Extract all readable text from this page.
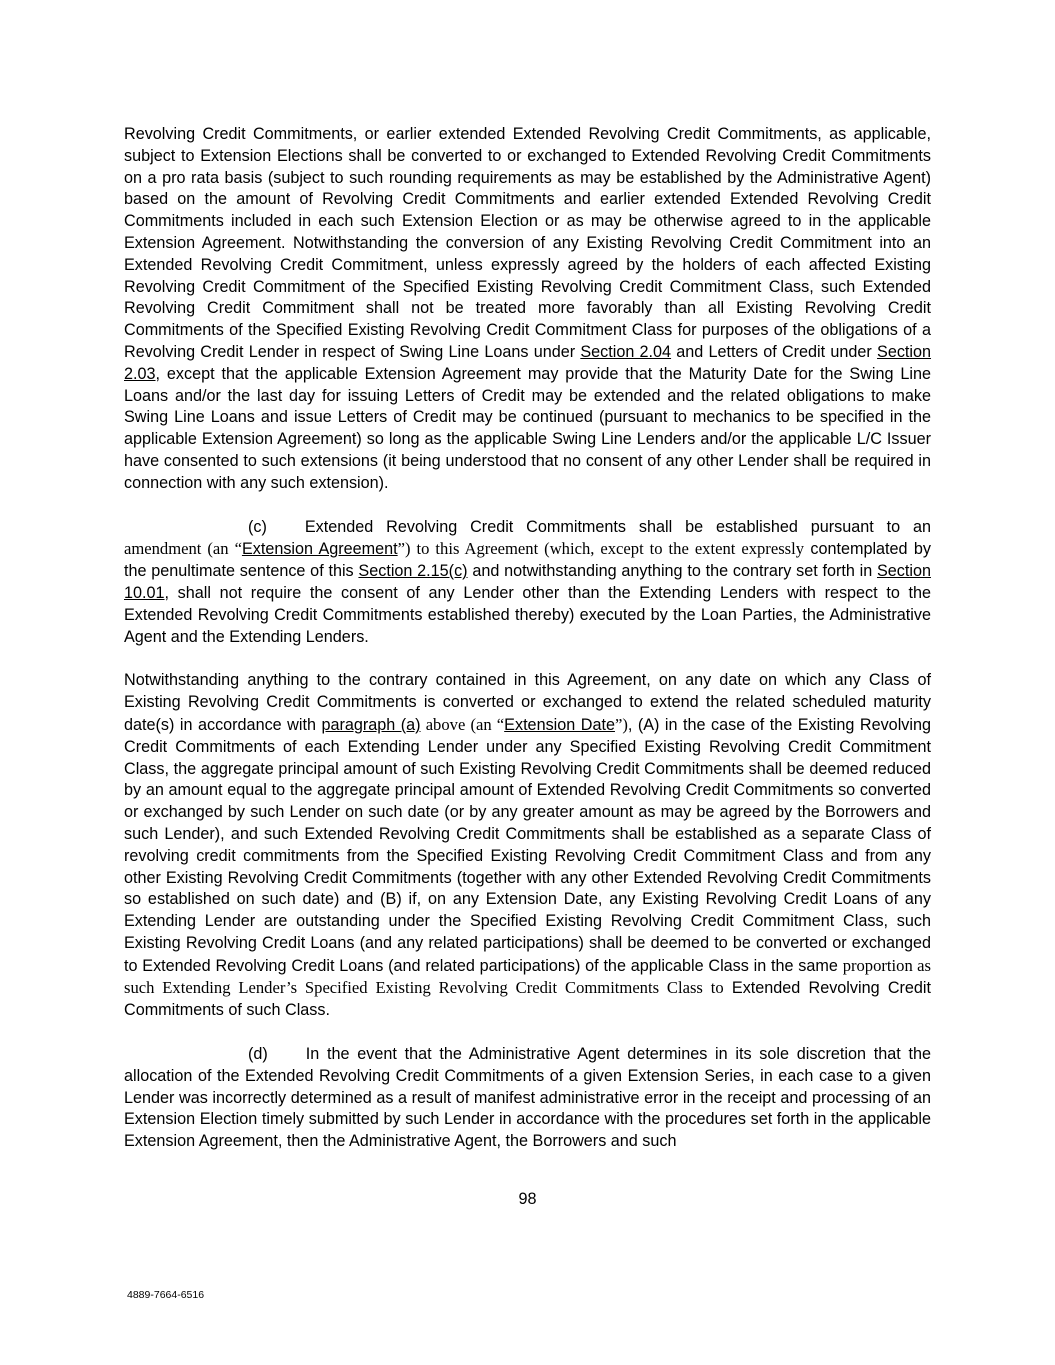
Revolving Credit Commitments, or earlier extended Extended Revolving Credit Commitments, as applicable, subject to Extension Elections shall be converted to or exchanged to Extended Revolving Credit Commitments on a pro rata basis (subject to such rounding requirements as may be established by the Administrative Agent) based on the amount of Revolving Credit Commitments and earlier extended Extended Revolving Credit Commitments included in each such Extension Election or as may be otherwise agreed to in the applicable Extension Agreement. Notwithstanding the conversion of any Existing Revolving Credit Commitment into an Extended Revolving Credit Commitment, unless expressly agreed by the holders of each affected Existing Revolving Credit Commitment of the Specified Existing Revolving Credit Commitment Class, such Extended Revolving Credit Commitment shall not be treated more favorably than all Existing Revolving Credit Commitments of the Specified Existing Revolving Credit Commitment Class for purposes of the obligations of a Revolving Credit Lender in respect of Swing Line Loans under Section 2.04 and Letters of Credit under Section 2.03, except that the applicable Extension Agreement may provide that the Maturity Date for the Swing Line Loans and/or the last day for issuing Letters of Credit may be extended and the related obligations to make Swing Line Loans and issue Letters of Credit may be continued (pursuant to mechanics to be specified in the applicable Extension Agreement) so long as the applicable Swing Line Lenders and/or the applicable L/C Issuer have consented to such extensions (it being understood that no consent of any other Lender shall be required in connection with any such extension).

(c) Extended Revolving Credit Commitments shall be established pursuant to an amendment (an “Extension Agreement”) to this Agreement (which, except to the extent expressly contemplated by the penultimate sentence of this Section 2.15(c) and notwithstanding anything to the contrary set forth in Section 10.01, shall not require the consent of any Lender other than the Extending Lenders with respect to the Extended Revolving Credit Commitments established thereby) executed by the Loan Parties, the Administrative Agent and the Extending Lenders.

Notwithstanding anything to the contrary contained in this Agreement, on any date on which any Class of Existing Revolving Credit Commitments is converted or exchanged to extend the related scheduled maturity date(s) in accordance with paragraph (a) above (an “Extension Date”), (A) in the case of the Existing Revolving Credit Commitments of each Extending Lender under any Specified Existing Revolving Credit Commitment Class, the aggregate principal amount of such Existing Revolving Credit Commitments shall be deemed reduced by an amount equal to the aggregate principal amount of Extended Revolving Credit Commitments so converted or exchanged by such Lender on such date (or by any greater amount as may be agreed by the Borrowers and such Lender), and such Extended Revolving Credit Commitments shall be established as a separate Class of revolving credit commitments from the Specified Existing Revolving Credit Commitment Class and from any other Existing Revolving Credit Commitments (together with any other Extended Revolving Credit Commitments so established on such date) and (B) if, on any Extension Date, any Existing Revolving Credit Loans of any Extending Lender are outstanding under the Specified Existing Revolving Credit Commitment Class, such Existing Revolving Credit Loans (and any related participations) shall be deemed to be converted or exchanged to Extended Revolving Credit Loans (and related participations) of the applicable Class in the same proportion as such Extending Lender’s Specified Existing Revolving Credit Commitments Class to Extended Revolving Credit Commitments of such Class.

(d) In the event that the Administrative Agent determines in its sole discretion that the allocation of the Extended Revolving Credit Commitments of a given Extension Series, in each case to a given Lender was incorrectly determined as a result of manifest administrative error in the receipt and processing of an Extension Election timely submitted by such Lender in accordance with the procedures set forth in the applicable Extension Agreement, then the Administrative Agent, the Borrowers and such

98
4889-7664-6516
